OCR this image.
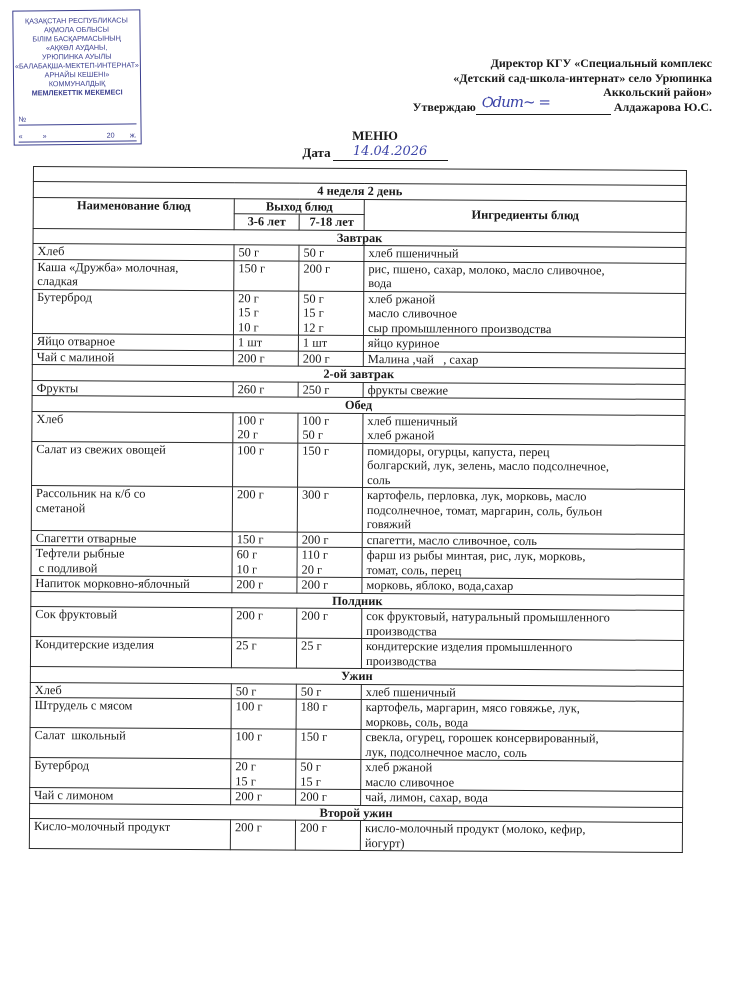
ҚАЗАҚСТАН РЕСПУБЛИКАСЫ
АҚМОЛА ОБЛЫСЫ
БІЛІМ БАСҚАРМАСЫНЫҢ
«АҚКӨЛ АУДАНЫ,
УРЮПИНКА АУЫЛЫ
«БАЛАБАҚША-МЕКТЕП-ИНТЕРНАТ»
АРНАЙЫ КЕШЕНІ»
КОММУНАЛДЫҚ
МЕМЛЕКЕТТІК МЕКЕМЕСІ
№
«	»	20 ж.
Директор КГУ «Специальный комплекс
«Детский сад-школа-интернат» село Урюпинка
Аккольский район»
Утверждаю Ѻdum~ =	Алдажарова Ю.С.
МЕНЮ
Дата	14.04.2026

4 неделя 2 день			
Наименование блюд	Выход блюд		Ингредиенты блюд
	3-6 лет	7-18 лет	
Завтрак			

Хлеб	50 г	50 г	хлеб пшеничный

Каша «Дружба» молочная,
сладкая	150 г	200 г	рис, пшено, сахар, молоко, масло сливочное,
вода

Бутерброд	20 г
15 г
10 г	50 г
15 г
12 г	хлеб ржаной
масло сливочное
сыр промышленного производства

Яйцо отварное	1 шт	1 шт	яйцо куриное

Чай с малиной	200 г	200 г	Малина ,чай   , сахар

2-ой завтрак			

Фрукты	260 г	250 г	фрукты свежие

Обед			

Хлеб	100 г
20 г	100 г
50 г	хлеб пшеничный
хлеб ржаной

Салат из свежих овощей	100 г	150 г	помидоры, огурцы, капуста, перец
болгарский, лук, зелень, масло подсолнечное,
соль

Рассольник на к/б со
сметаной	200 г	300 г	картофель, перловка, лук, морковь, масло
подсолнечное, томат, маргарин, соль, бульон
говяжий

Спагетти отварные	150 г	200 г	спагетти, масло сливочное, соль

Тефтели рыбные
с подливой	60 г
10 г	110 г
20 г	фарш из рыбы минтая, рис, лук, морковь,
томат, соль, перец

Напиток морковно-яблочный	200 г	200 г	морковь, яблоко, вода,сахар

Полдник			

Сок фруктовый	200 г	200 г	сок фруктовый, натуральный промышленного
производства

Кондитерские изделия	25 г	25 г	кондитерские изделия промышленного
производства

Ужин			

Хлеб	50 г	50 г	хлеб пшеничный

Штрудель с мясом	100 г	180 г	картофель, маргарин, мясо говяжье, лук,
морковь, соль, вода

Салат  школьный	100 г	150 г	свекла, огурец, горошек консервированный,
лук, подсолнечное масло, соль

Бутерброд	20 г
15 г	50 г
15 г	хлеб ржаной
масло сливочное

Чай с лимоном	200 г	200 г	чай, лимон, сахар, вода

Второй ужин			

Кисло-молочный продукт	200 г	200 г	кисло-молочный продукт (молоко, кефир,
йогурт)
